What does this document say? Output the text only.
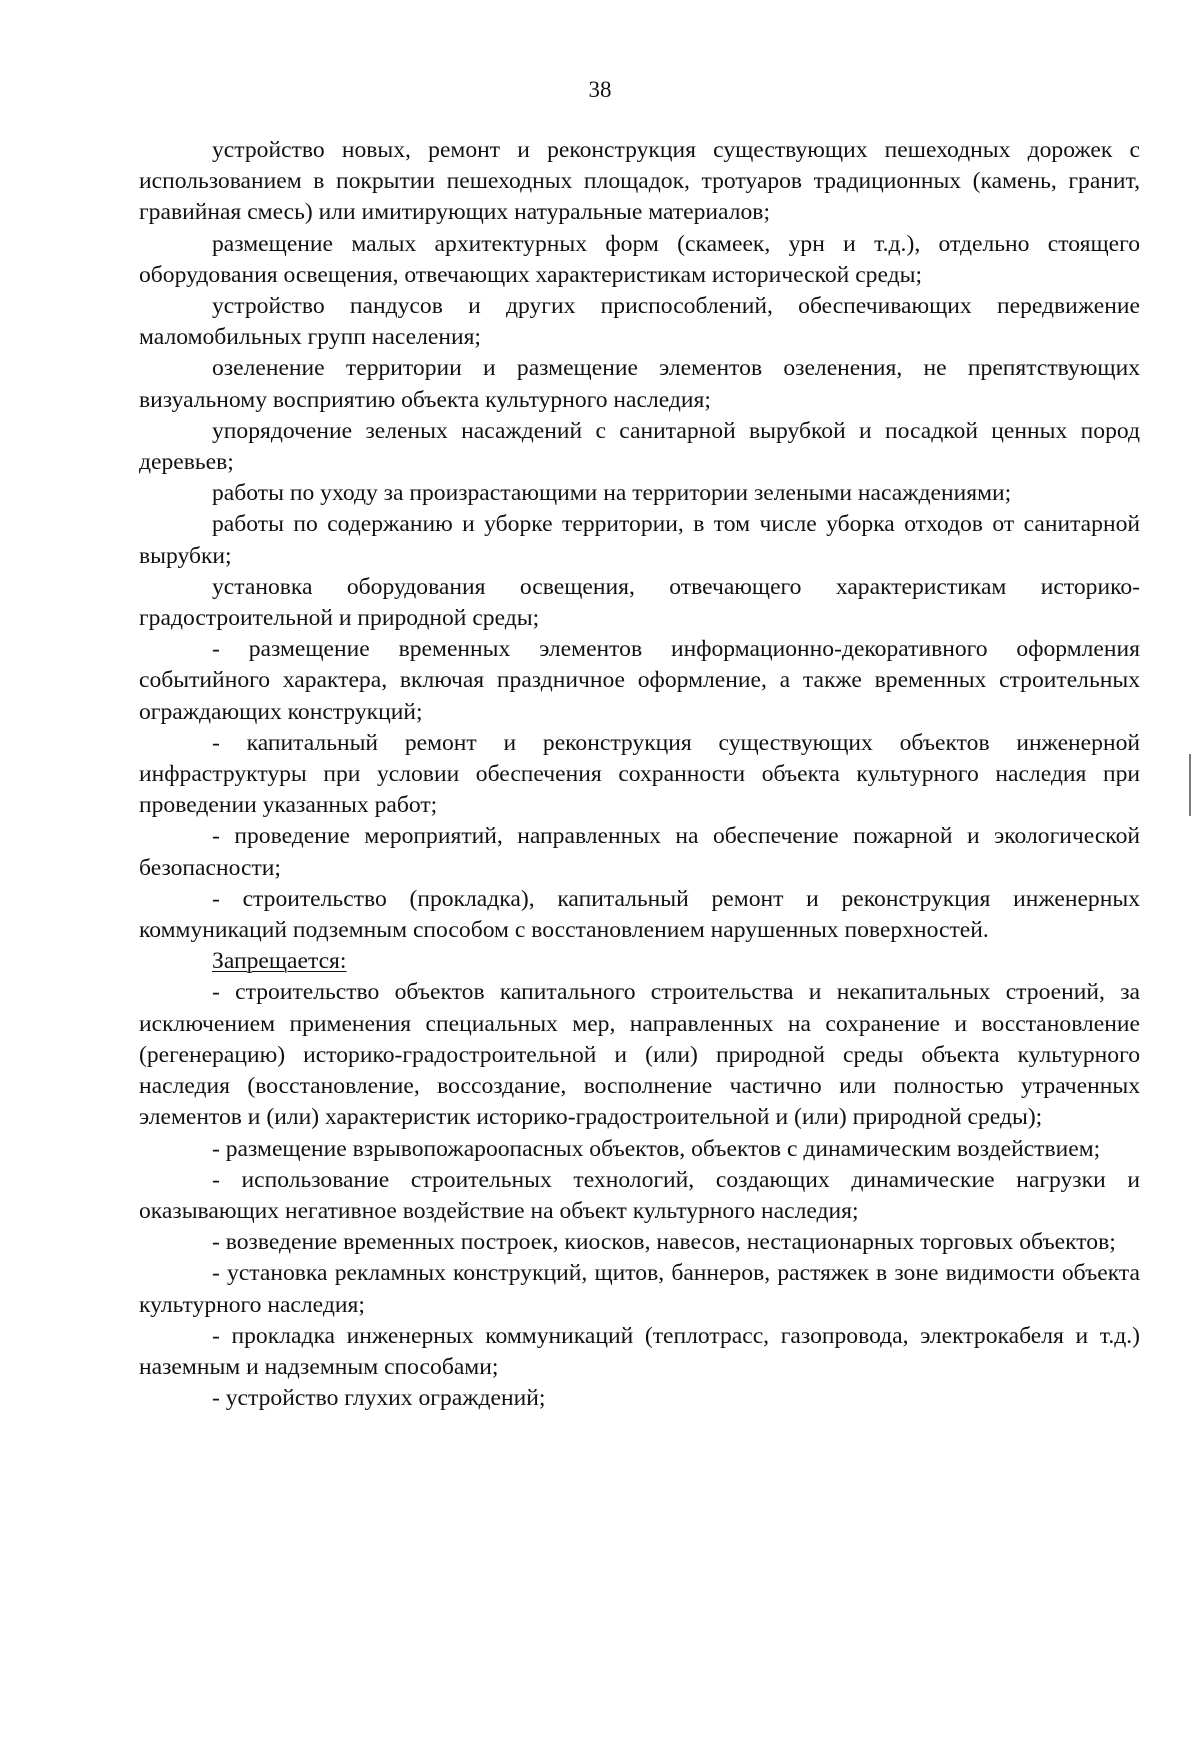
38

устройство новых, ремонт и реконструкция существующих пешеходных дорожек с использованием в покрытии пешеходных площадок, тротуаров традиционных (камень, гранит, гравийная смесь) или имитирующих натуральные материалов;

размещение малых архитектурных форм (скамеек, урн и т.д.), отдельно стоящего оборудования освещения, отвечающих характеристикам исторической среды;

устройство пандусов и других приспособлений, обеспечивающих передвижение маломобильных групп населения;

озеленение территории и размещение элементов озеленения, не препятствующих визуальному восприятию объекта культурного наследия;

упорядочение зеленых насаждений с санитарной вырубкой и посадкой ценных пород деревьев;

работы по уходу за произрастающими на территории зелеными насаждениями;

работы по содержанию и уборке территории, в том числе уборка отходов от санитарной вырубки;

установка оборудования освещения, отвечающего характеристикам историко-градостроительной и природной среды;

- размещение временных элементов информационно-декоративного оформления событийного характера, включая праздничное оформление, а также временных строительных ограждающих конструкций;

- капитальный ремонт и реконструкция существующих объектов инженерной инфраструктуры при условии обеспечения сохранности объекта культурного наследия при проведении указанных работ;

- проведение мероприятий, направленных на обеспечение пожарной и экологической безопасности;

- строительство (прокладка), капитальный ремонт и реконструкция инженерных коммуникаций подземным способом с восстановлением нарушенных поверхностей.

Запрещается:

- строительство объектов капитального строительства и некапитальных строений, за исключением применения специальных мер, направленных на сохранение и восстановление (регенерацию) историко-градостроительной и (или) природной среды объекта культурного наследия (восстановление, воссоздание, восполнение частично или полностью утраченных элементов и (или) характеристик историко-градостроительной и (или) природной среды);

- размещение взрывопожароопасных объектов, объектов с динамическим воздействием;

- использование строительных технологий, создающих динамические нагрузки и оказывающих негативное воздействие на объект культурного наследия;

- возведение временных построек, киосков, навесов, нестационарных торговых объектов;

- установка рекламных конструкций, щитов, баннеров, растяжек в зоне видимости объекта культурного наследия;

- прокладка инженерных коммуникаций (теплотрасс, газопровода, электрокабеля и т.д.) наземным и надземным способами;

- устройство глухих ограждений;
